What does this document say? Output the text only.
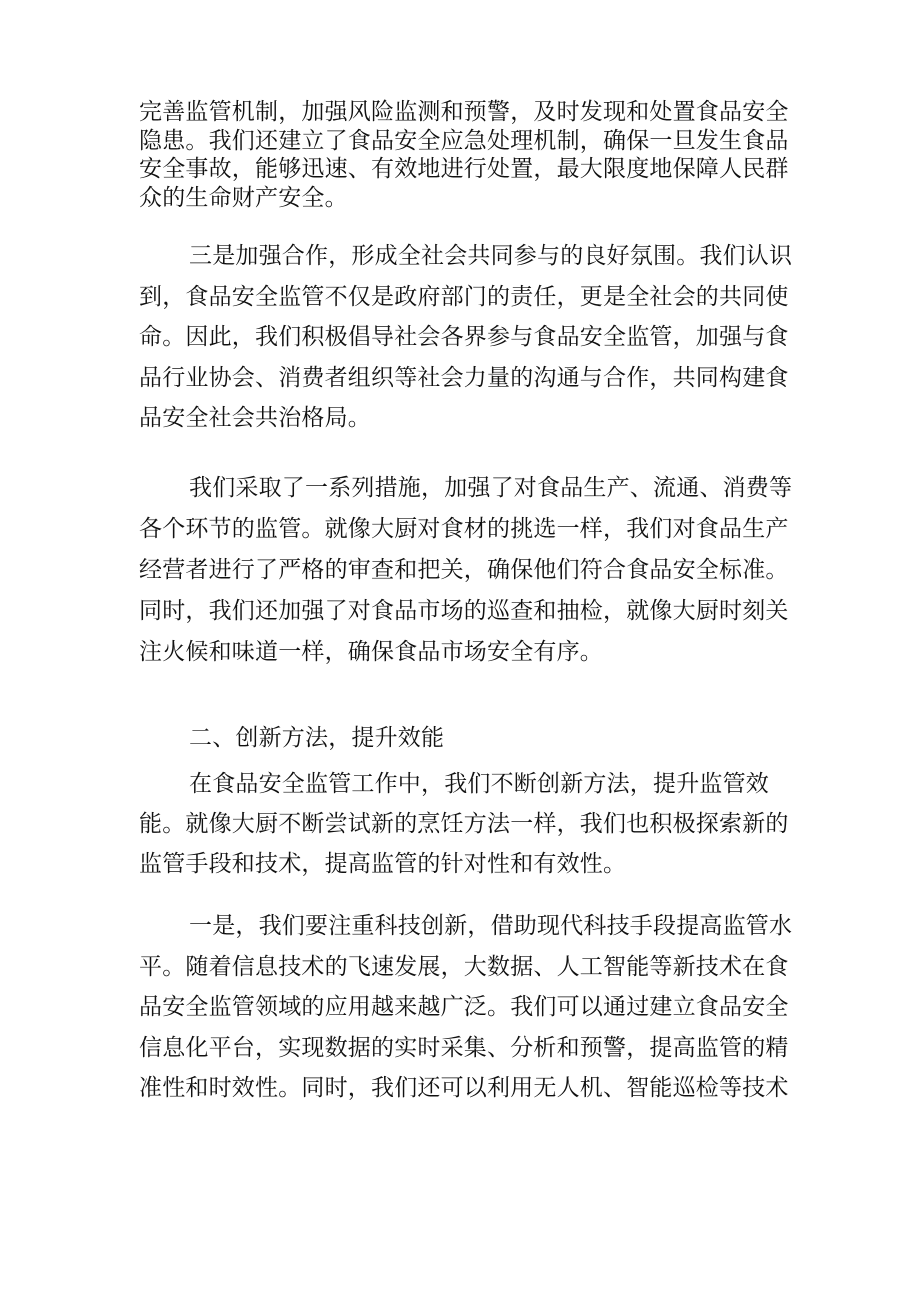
完善监管机制，加强风险监测和预警，及时发现和处置食品安全隐患。我们还建立了食品安全应急处理机制，确保一旦发生食品安全事故，能够迅速、有效地进行处置，最大限度地保障人民群众的生命财产安全。

三是加强合作，形成全社会共同参与的良好氛围。我们认识到，食品安全监管不仅是政府部门的责任，更是全社会的共同使命。因此，我们积极倡导社会各界参与食品安全监管，加强与食品行业协会、消费者组织等社会力量的沟通与合作，共同构建食品安全社会共治格局。

我们采取了一系列措施，加强了对食品生产、流通、消费等各个环节的监管。就像大厨对食材的挑选一样，我们对食品生产经营者进行了严格的审查和把关，确保他们符合食品安全标准。同时，我们还加强了对食品市场的巡查和抽检，就像大厨时刻关注火候和味道一样，确保食品市场安全有序。

二、创新方法，提升效能

在食品安全监管工作中，我们不断创新方法，提升监管效能。就像大厨不断尝试新的烹饪方法一样，我们也积极探索新的监管手段和技术，提高监管的针对性和有效性。

一是，我们要注重科技创新，借助现代科技手段提高监管水平。随着信息技术的飞速发展，大数据、人工智能等新技术在食品安全监管领域的应用越来越广泛。我们可以通过建立食品安全信息化平台，实现数据的实时采集、分析和预警，提高监管的精准性和时效性。同时，我们还可以利用无人机、智能巡检等技术
